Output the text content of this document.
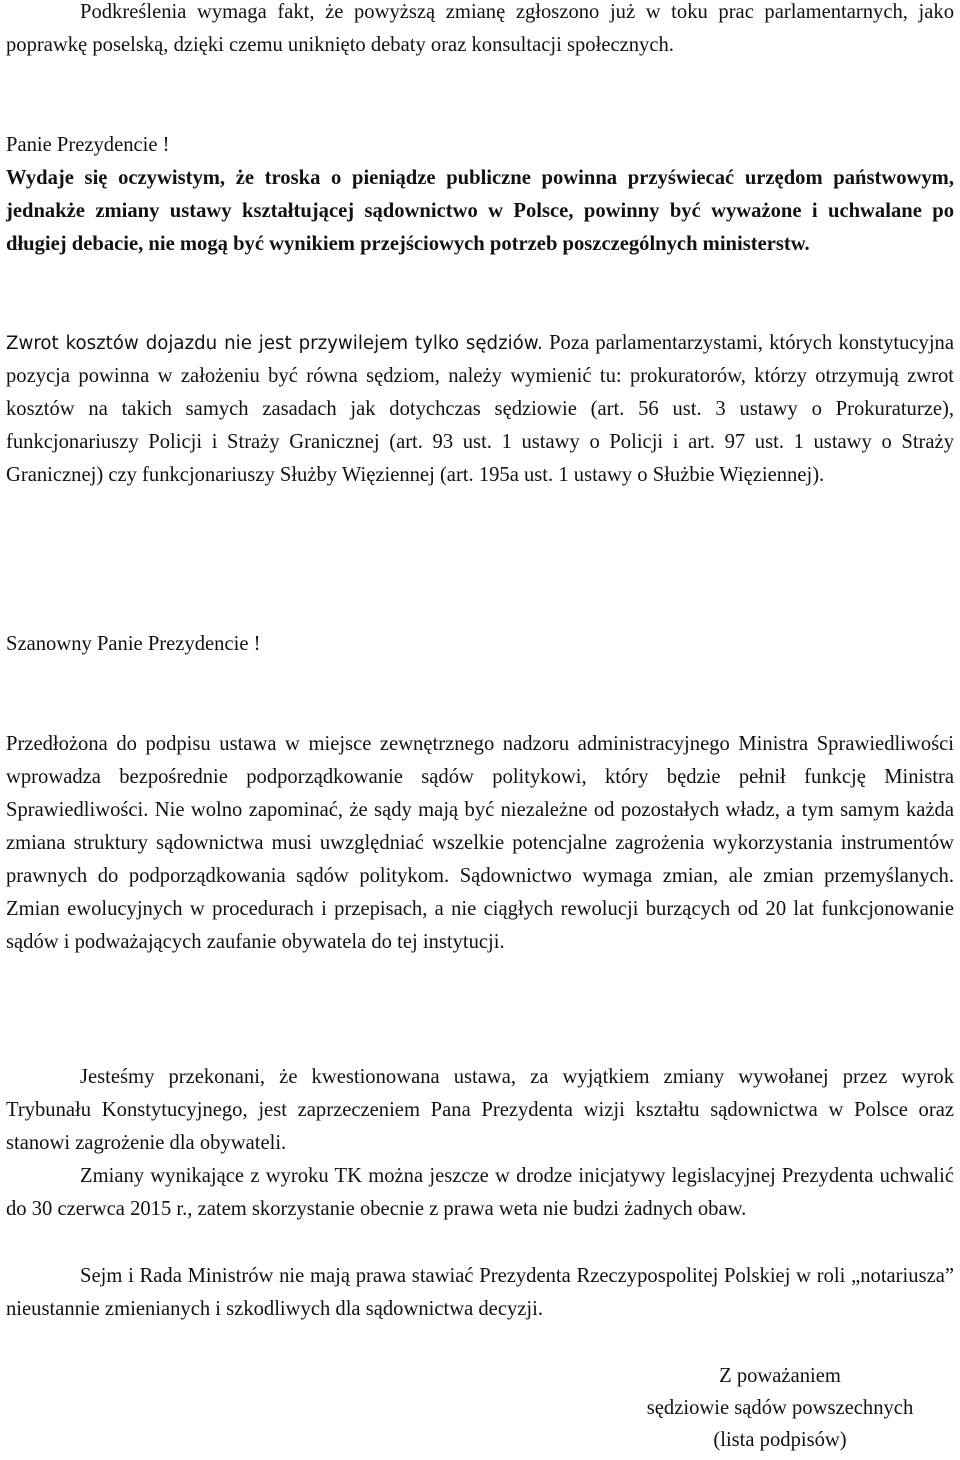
Podkreślenia wymaga fakt, że powyższą zmianę zgłoszono już w toku prac parlamentarnych, jako poprawkę poselską, dzięki czemu uniknięto debaty oraz konsultacji społecznych.
Panie Prezydencie !
Wydaje się oczywistym, że troska o pieniądze publiczne powinna przyświecać urzędom państwowym, jednakże zmiany ustawy kształtującej sądownictwo w Polsce, powinny być wyważone i uchwalane po długiej debacie, nie mogą być wynikiem przejściowych potrzeb poszczególnych ministerstw.
Zwrot kosztów dojazdu nie jest przywilejem tylko sędziów. Poza parlamentarzystami, których konstytucyjna pozycja powinna w założeniu być równa sędziom, należy wymienić tu: prokuratorów, którzy otrzymują zwrot kosztów na takich samych zasadach jak dotychczas sędziowie (art. 56 ust. 3 ustawy o Prokuraturze), funkcjonariuszy Policji i Straży Granicznej (art. 93 ust. 1 ustawy o Policji i art. 97 ust. 1 ustawy o Straży Granicznej) czy funkcjonariuszy Służby Więziennej (art. 195a ust. 1 ustawy o Służbie Więziennej).
Szanowny Panie Prezydencie !
Przedłożona do podpisu ustawa w miejsce zewnętrznego nadzoru administracyjnego Ministra Sprawiedliwości wprowadza bezpośrednie podporządkowanie sądów politykowi, który będzie pełnił funkcję Ministra Sprawiedliwości. Nie wolno zapominać, że sądy mają być niezależne od pozostałych władz, a tym samym każda zmiana struktury sądownictwa musi uwzględniać wszelkie potencjalne zagrożenia wykorzystania instrumentów prawnych do podporządkowania sądów politykom. Sądownictwo wymaga zmian, ale zmian przemyślanych. Zmian ewolucyjnych w procedurach i przepisach, a nie ciągłych rewolucji burzących od 20 lat funkcjonowanie sądów i podważających zaufanie obywatela do tej instytucji.
Jesteśmy przekonani, że kwestionowana ustawa, za wyjątkiem zmiany wywołanej przez wyrok Trybunału Konstytucyjnego, jest zaprzeczeniem Pana Prezydenta wizji kształtu sądownictwa w Polsce oraz stanowi zagrożenie dla obywateli.
Zmiany wynikające z wyroku TK można jeszcze w drodze inicjatywy legislacyjnej Prezydenta uchwalić do 30 czerwca 2015 r., zatem skorzystanie obecnie z prawa weta nie budzi żadnych obaw.
Sejm i Rada Ministrów nie mają prawa stawiać Prezydenta Rzeczypospolitej Polskiej w roli „notariusza” nieustannie zmienianych i szkodliwych dla sądownictwa decyzji.
Z poważaniem
sędziowie sądów powszechnych
(lista podpisów)
